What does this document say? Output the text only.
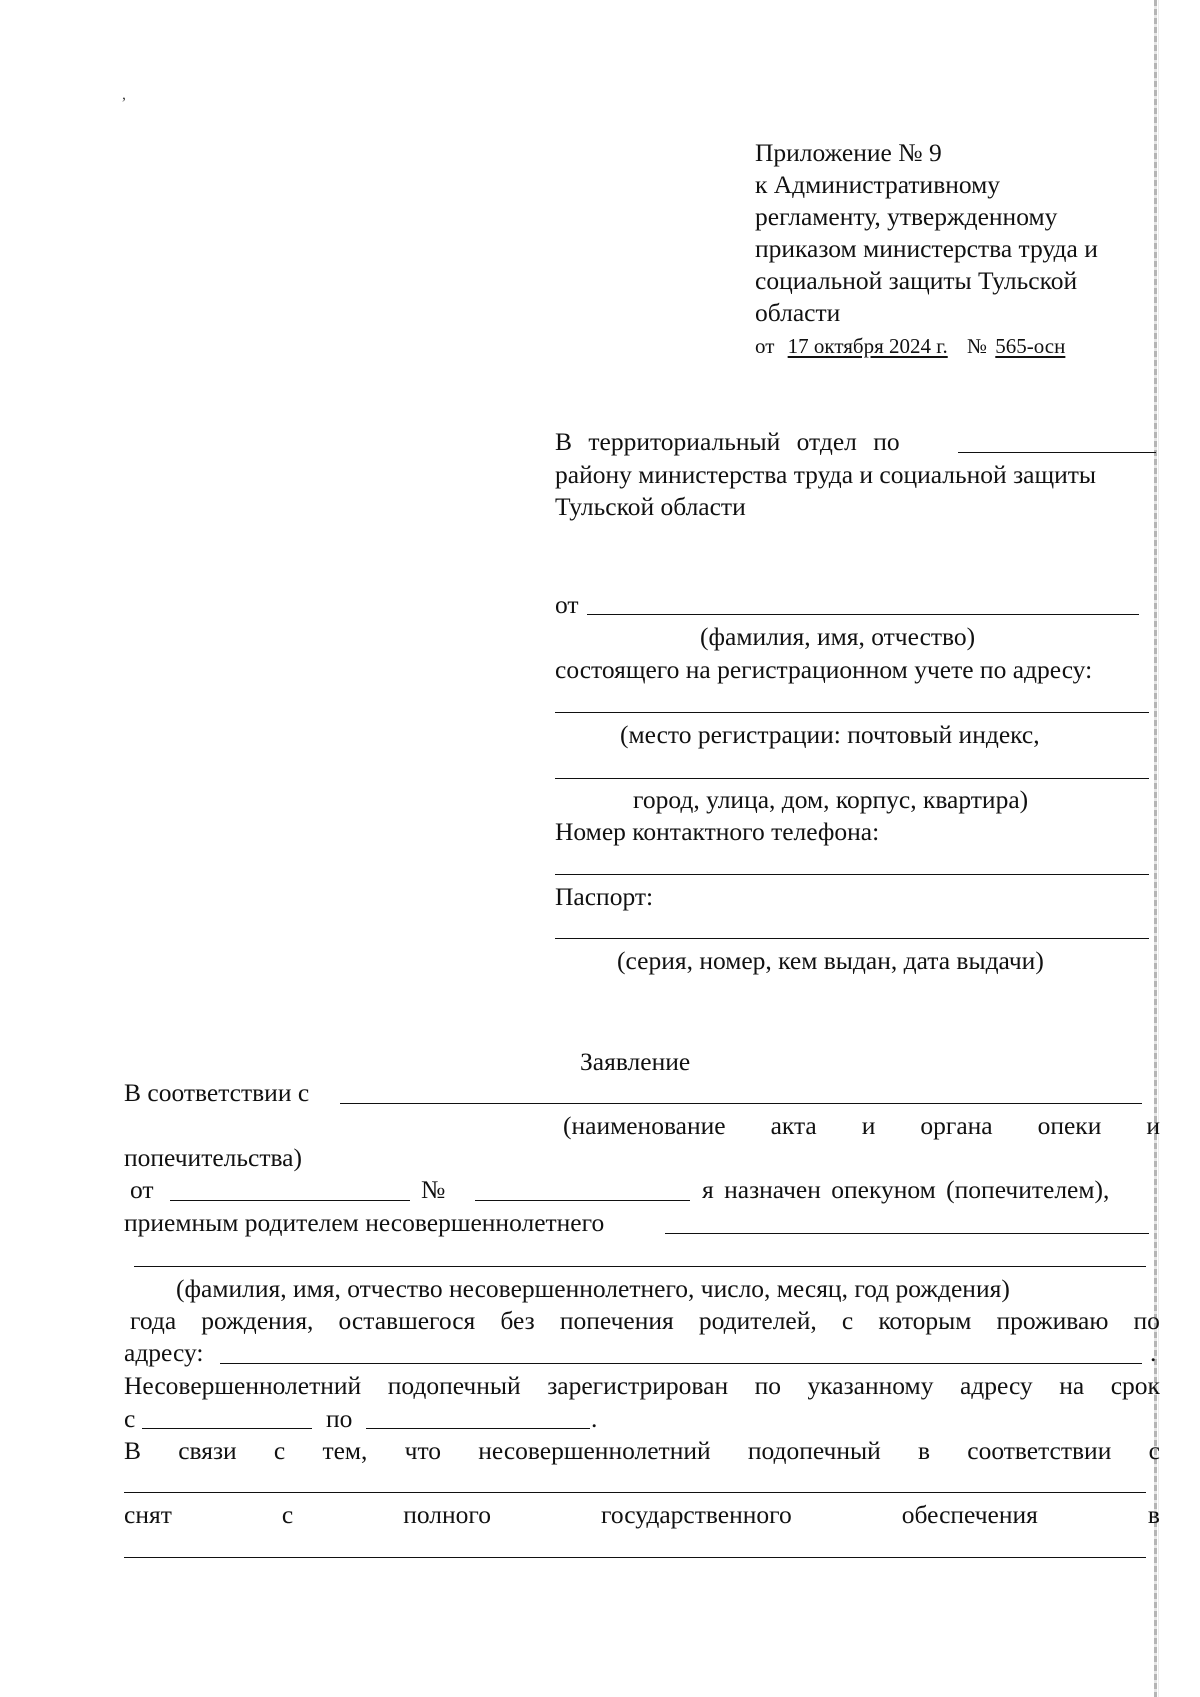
,
Приложение № 9
к Административному
регламенту, утвержденному
приказом министерства труда и
социальной защиты Тульской
области
от 17 октября 2024 г. № 565-осн
В территориальный отдел по
району министерства труда и социальной защиты
Тульской области
от
(фамилия, имя, отчество)
состоящего на регистрационном учете по адресу:
(место регистрации: почтовый индекс,
город, улица, дом, корпус, квартира)
Номер контактного телефона:
Паспорт:
(серия, номер, кем выдан, дата выдачи)
Заявление
В соответствии с
(наименование акта и органа опеки и
попечительства)
от	№	я назначен опекуном (попечителем),
приемным родителем несовершеннолетнего
(фамилия, имя, отчество несовершеннолетнего, число, месяц, год рождения)
года рождения, оставшегося без попечения родителей, с которым проживаю по
адресу:	.
Несовершеннолетний подопечный зарегистрирован по указанному адресу на срок
с	по	.
В связи с тем, что несовершеннолетний подопечный в соответствии с
снят	с	полного	государственного	обеспечения	в
